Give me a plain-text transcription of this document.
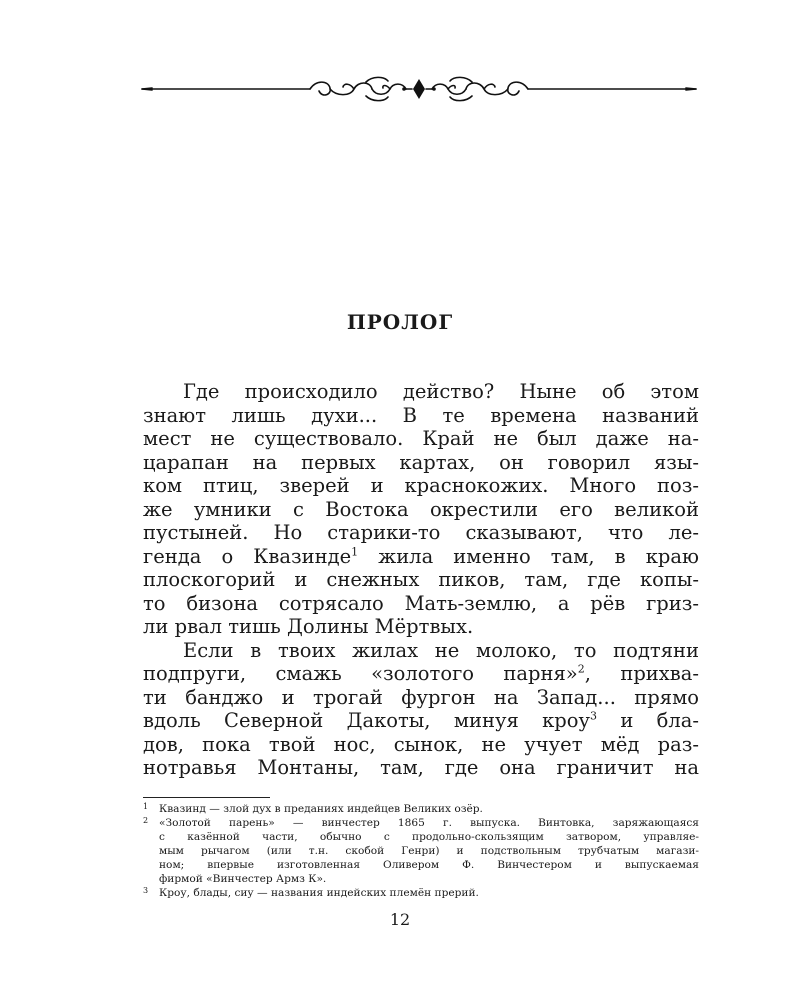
ПРОЛОГ
Где происходило действо? Ныне об этом
знают лишь духи... В те времена названий
мест не существовало. Край не был даже на-
царапан на первых картах, он говорил язы-
ком птиц, зверей и краснокожих. Много поз-
же умники с Востока окрестили его великой
пустыней. Но старики-то сказывают, что ле-
генда о Квазинде$^1$ жила именно там, в краю
плоскогорий и снежных пиков, там, где копы-
то бизона сотрясало Мать-землю, а рёв гриз-
ли рвал тишь Долины Мёртвых.
Если в твоих жилах не молоко, то подтяни
подпруги, смажь «золотого парня»$^2$, прихва-
ти банджо и трогай фургон на Запад... прямо
вдоль Северной Дакоты, минуя кроу$^3$ и бла-
дов, пока твой нос, сынок, не учует мёд раз-
нотравья Монтаны, там, где она граничит на
1 Квазинд — злой дух в преданиях индейцев Великих озёр.
2 «Золотой парень» — винчестер 1865 г. выпуска. Винтовка, заряжающаяся
с казённой части, обычно с продольно-скользящим затвором, управляе-
мым рычагом (или т.н. скобой Генри) и подствольным трубчатым магази-
ном; впервые изготовленная Оливером Ф. Винчестером и выпускаемая
фирмой «Винчестер Армз К».
3 Кроу, блады, сиу — названия индейских племён прерий.
12
